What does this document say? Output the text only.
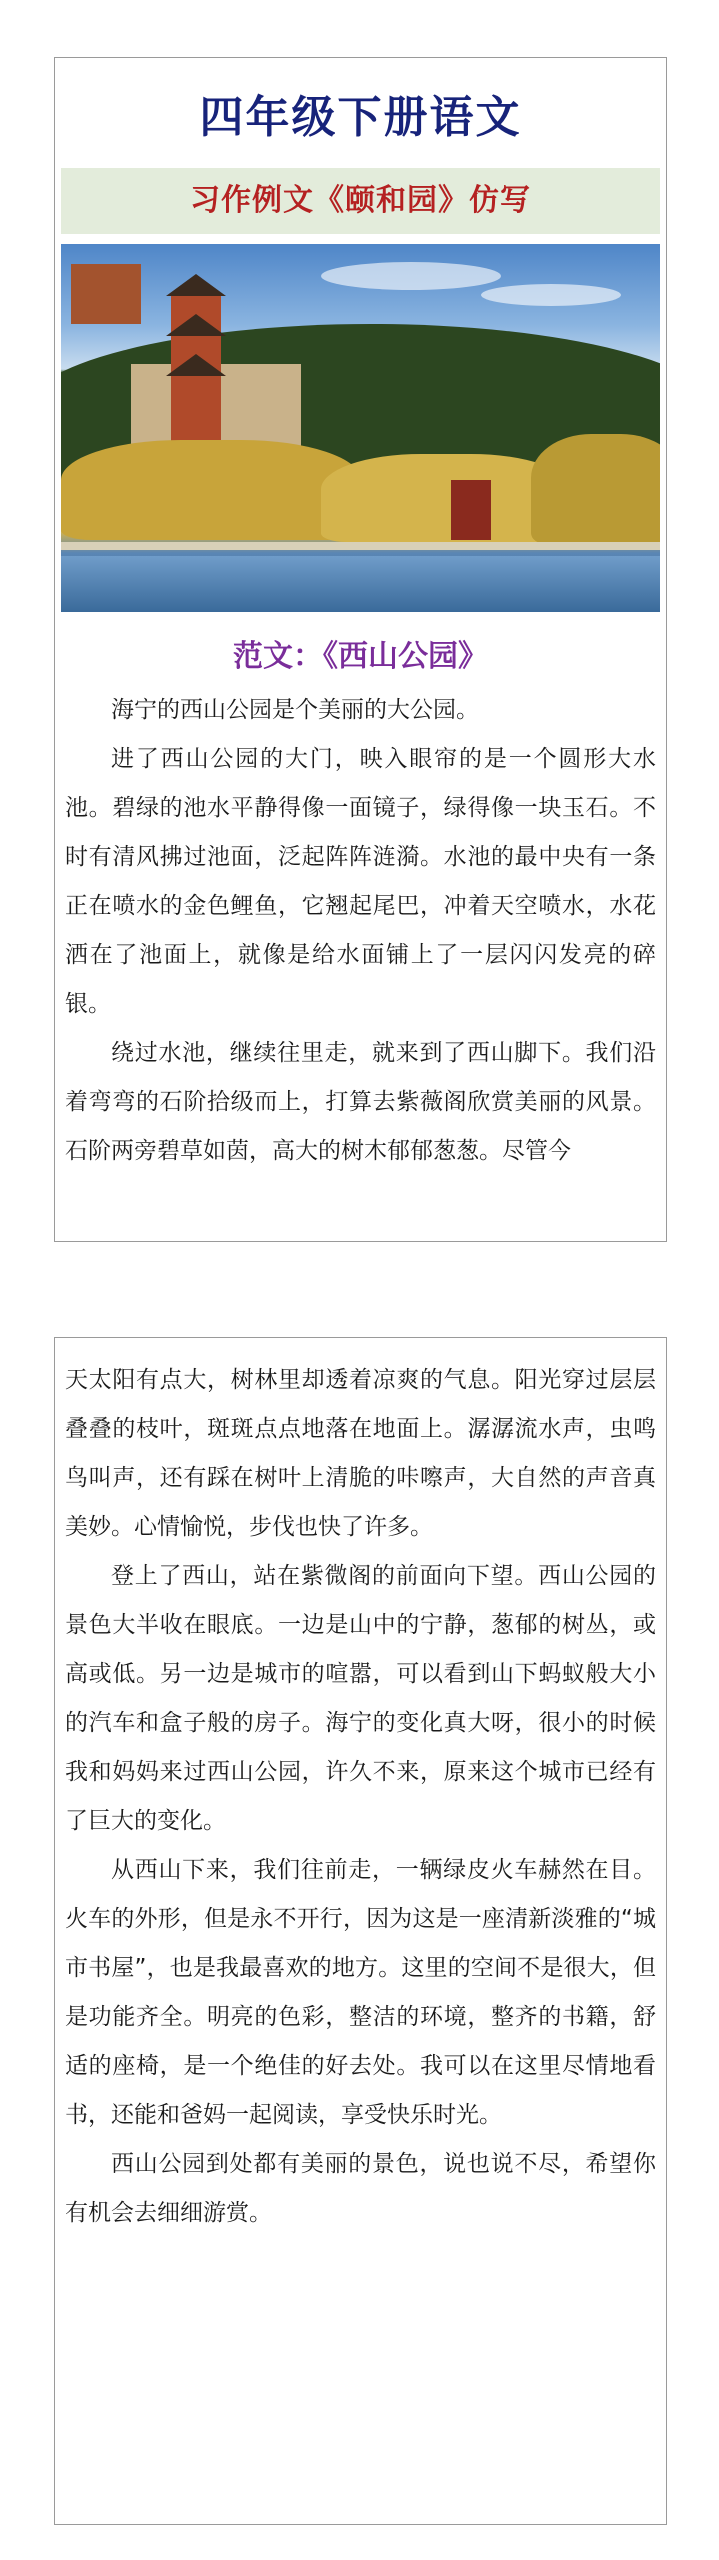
四年级下册语文
习作例文《颐和园》仿写
范文：《西山公园》

海宁的西山公园是个美丽的大公园。

进了西山公园的大门，映入眼帘的是一个圆形大水池。碧绿的池水平静得像一面镜子，绿得像一块玉石。不时有清风拂过池面，泛起阵阵涟漪。水池的最中央有一条正在喷水的金色鲤鱼，它翘起尾巴，冲着天空喷水，水花洒在了池面上，就像是给水面铺上了一层闪闪发亮的碎银。

绕过水池，继续往里走，就来到了西山脚下。我们沿着弯弯的石阶拾级而上，打算去紫薇阁欣赏美丽的风景。石阶两旁碧草如茵，高大的树木郁郁葱葱。尽管今

天太阳有点大，树林里却透着凉爽的气息。阳光穿过层层叠叠的枝叶，斑斑点点地落在地面上。潺潺流水声，虫鸣鸟叫声，还有踩在树叶上清脆的咔嚓声，大自然的声音真美妙。心情愉悦，步伐也快了许多。

登上了西山，站在紫微阁的前面向下望。西山公园的景色大半收在眼底。一边是山中的宁静，葱郁的树丛，或高或低。另一边是城市的喧嚣，可以看到山下蚂蚁般大小的汽车和盒子般的房子。海宁的变化真大呀，很小的时候我和妈妈来过西山公园，许久不来，原来这个城市已经有了巨大的变化。

从西山下来，我们往前走，一辆绿皮火车赫然在目。火车的外形，但是永不开行，因为这是一座清新淡雅的“城市书屋”，也是我最喜欢的地方。这里的空间不是很大，但是功能齐全。明亮的色彩，整洁的环境，整齐的书籍，舒适的座椅，是一个绝佳的好去处。我可以在这里尽情地看书，还能和爸妈一起阅读，享受快乐时光。

西山公园到处都有美丽的景色，说也说不尽，希望你有机会去细细游赏。
